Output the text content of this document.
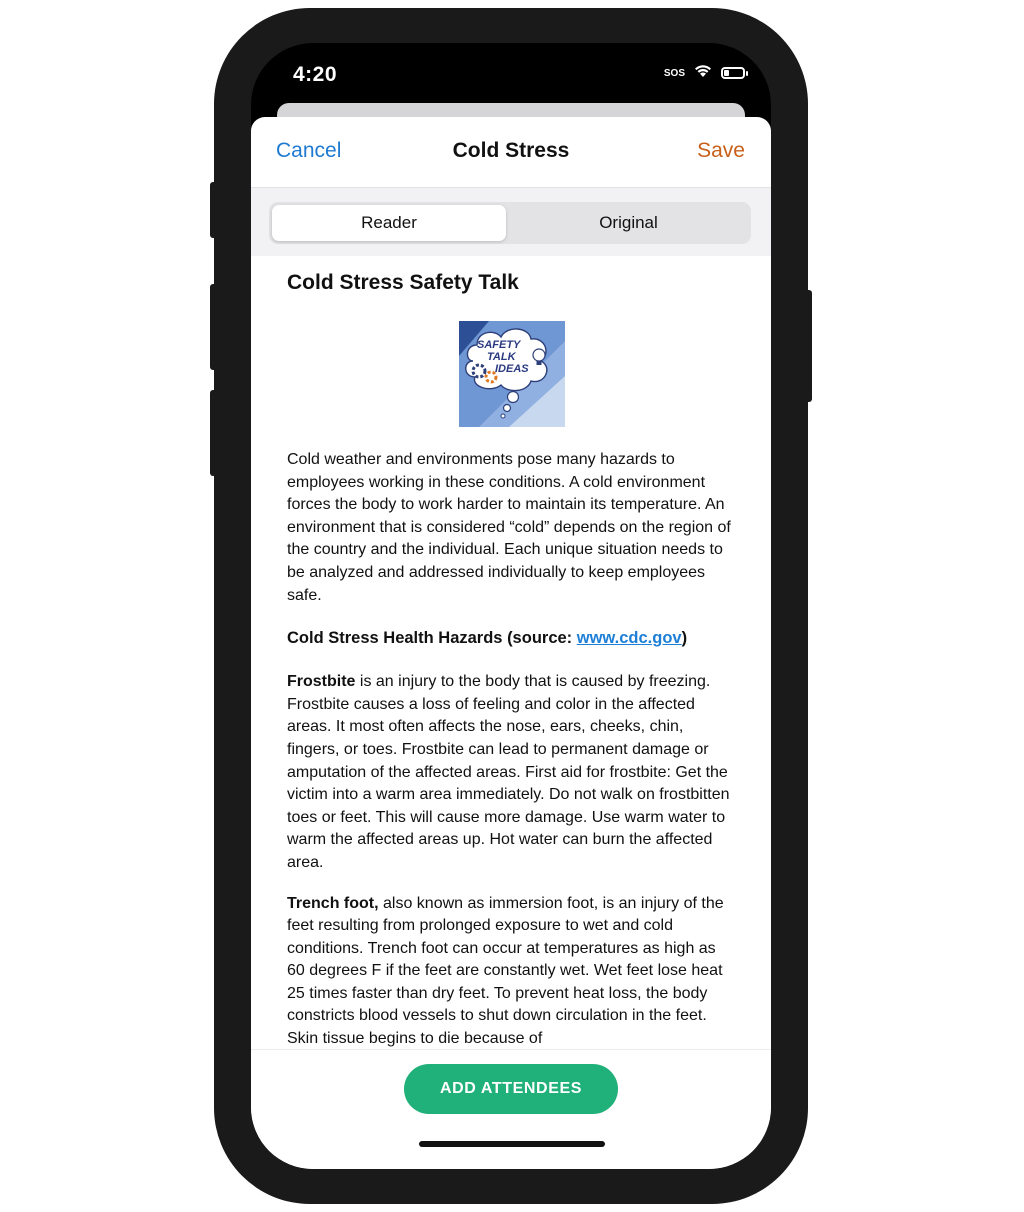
4:20	SOS
Cancel	Cold Stress	Save
Reader	Original
Cold Stress Safety Talk
SAFETY
TALK
IDEAS

Cold weather and environments pose many hazards to employees working in these conditions. A cold environment forces the body to work harder to maintain its temperature. An environment that is considered “cold” depends on the region of the country and the individual. Each unique situation needs to be analyzed and addressed individually to keep employees safe.

Cold Stress Health Hazards (source: www.cdc.gov)

Frostbite is an injury to the body that is caused by freezing. Frostbite causes a loss of feeling and color in the affected areas. It most often affects the nose, ears, cheeks, chin, fingers, or toes. Frostbite can lead to permanent damage or amputation of the affected areas. First aid for frostbite: Get the victim into a warm area immediately. Do not walk on frostbitten toes or feet. This will cause more damage. Use warm water to warm the affected areas up. Hot water can burn the affected area.

Trench foot, also known as immersion foot, is an injury of the feet resulting from prolonged exposure to wet and cold conditions. Trench foot can occur at temperatures as high as 60 degrees F if the feet are constantly wet. Wet feet lose heat 25 times faster than dry feet. To prevent heat loss, the body constricts blood vessels to shut down circulation in the feet. Skin tissue begins to die because of

ADD ATTENDEES
